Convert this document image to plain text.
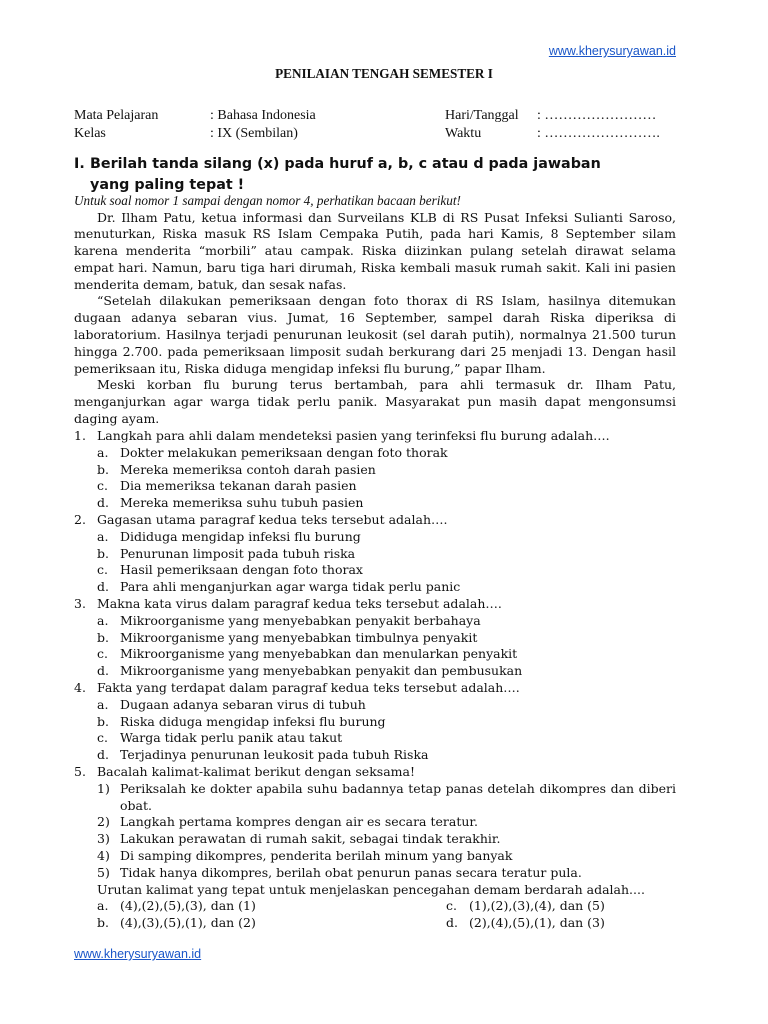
www.kherysuryawan.id
PENILAIAN TENGAH SEMESTER I
Mata Pelajaran	: Bahasa Indonesia	Hari/Tanggal : ……………………
Kelas	: IX (Sembilan)	Waktu	: …………………….
I. Berilah tanda silang (x) pada huruf a, b, c atau d pada jawaban
yang paling tepat !
Untuk soal nomor 1 sampai dengan nomor 4, perhatikan bacaan berikut!

Dr. Ilham Patu, ketua informasi dan Surveilans KLB di RS Pusat Infeksi Sulianti Saroso, menuturkan, Riska masuk RS Islam Cempaka Putih, pada hari Kamis, 8 September silam karena menderita “morbili” atau campak. Riska diizinkan pulang setelah dirawat selama empat hari. Namun, baru tiga hari dirumah, Riska kembali masuk rumah sakit. Kali ini pasien menderita demam, batuk, dan sesak nafas.

“Setelah dilakukan pemeriksaan dengan foto thorax di RS Islam, hasilnya ditemukan dugaan adanya sebaran vius. Jumat, 16 September, sampel darah Riska diperiksa di laboratorium. Hasilnya terjadi penurunan leukosit (sel darah putih), normalnya 21.500 turun hingga 2.700. pada pemeriksaan limposit sudah berkurang dari 25 menjadi 13. Dengan hasil pemeriksaan itu, Riska diduga mengidap infeksi flu burung,” papar Ilham.

Meski korban flu burung terus bertambah, para ahli termasuk dr. Ilham Patu, menganjurkan agar warga tidak perlu panik. Masyarakat pun masih dapat mengonsumsi daging ayam.

1. Langkah para ahli dalam mendeteksi pasien yang terinfeksi flu burung adalah….
a. Dokter melakukan pemeriksaan dengan foto thorak
b. Mereka memeriksa contoh darah pasien
c. Dia memeriksa tekanan darah pasien
d. Mereka memeriksa suhu tubuh pasien
2. Gagasan utama paragraf kedua teks tersebut adalah….
a. Dididuga mengidap infeksi flu burung
b. Penurunan limposit pada tubuh riska
c. Hasil pemeriksaan dengan foto thorax
d. Para ahli menganjurkan agar warga tidak perlu panic
3. Makna kata virus dalam paragraf kedua teks tersebut adalah….
a. Mikroorganisme yang menyebabkan penyakit berbahaya
b. Mikroorganisme yang menyebabkan timbulnya penyakit
c. Mikroorganisme yang menyebabkan dan menularkan penyakit
d. Mikroorganisme yang menyebabkan penyakit dan pembusukan
4. Fakta yang terdapat dalam paragraf kedua teks tersebut adalah….
a. Dugaan adanya sebaran virus di tubuh
b. Riska diduga mengidap infeksi flu burung
c. Warga tidak perlu panik atau takut
d. Terjadinya penurunan leukosit pada tubuh Riska
5. Bacalah kalimat-kalimat berikut dengan seksama!
1) Periksalah ke dokter apabila suhu badannya tetap panas detelah dikompres dan diberi obat.
2) Langkah pertama kompres dengan air es secara teratur.
3) Lakukan perawatan di rumah sakit, sebagai tindak terakhir.
4) Di samping dikompres, penderita berilah minum yang banyak
5) Tidak hanya dikompres, berilah obat penurun panas secara teratur pula.
Urutan kalimat yang tepat untuk menjelaskan pencegahan demam berdarah adalah....
a. (4),(2),(5),(3), dan (1)	c. (1),(2),(3),(4), dan (5)
b. (4),(3),(5),(1), dan (2)	d. (2),(4),(5),(1), dan (3)
www.kherysuryawan.id
